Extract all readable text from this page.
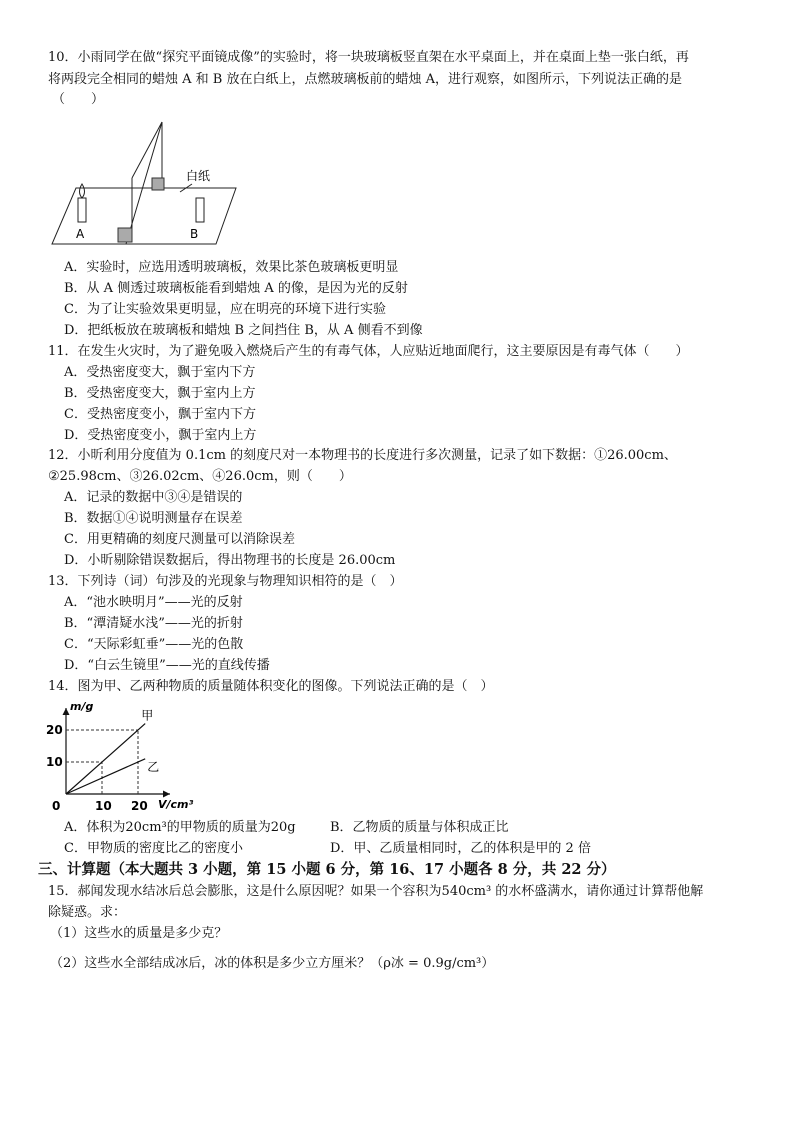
10．小雨同学在做“探究平面镜成像”的实验时，将一块玻璃板竖直架在水平桌面上，并在桌面上垫一张白纸，再
将两段完全相同的蜡烛 A 和 B 放在白纸上，点燃玻璃板前的蜡烛 A，进行观察，如图所示，下列说法正确的是
（　　）
白纸
A	B
A．实验时，应选用透明玻璃板，效果比茶色玻璃板更明显
B．从 A 侧透过玻璃板能看到蜡烛 A 的像，是因为光的反射
C．为了让实验效果更明显，应在明亮的环境下进行实验
D．把纸板放在玻璃板和蜡烛 B 之间挡住 B，从 A 侧看不到像
11．在发生火灾时，为了避免吸入燃烧后产生的有毒气体，人应贴近地面爬行，这主要原因是有毒气体（　　）
A．受热密度变大，飘于室内下方
B．受热密度变大，飘于室内上方
C．受热密度变小，飘于室内下方
D．受热密度变小，飘于室内上方
12．小昕利用分度值为 0.1cm 的刻度尺对一本物理书的长度进行多次测量，记录了如下数据：①26.00cm、
②25.98cm、③26.02cm、④26.0cm，则（　　）
A．记录的数据中③④是错误的
B．数据①④说明测量存在误差
C．用更精确的刻度尺测量可以消除误差
D．小昕剔除错误数据后，得出物理书的长度是 26.00cm
13．下列诗（词）句涉及的光现象与物理知识相符的是（　）
A．“池水映明月”——光的反射
B．“潭清疑水浅”——光的折射
C．“天际彩虹垂”——光的色散
D．“白云生镜里”——光的直线传播
14．图为甲、乙两种物质的质量随体积变化的图像。下列说法正确的是（　）
甲
乙
0	10 20
10
20
V/cm³
m/g
A．体积为20cm³的甲物质的质量为20g	B．乙物质的质量与体积成正比
C．甲物质的密度比乙的密度小	D．甲、乙质量相同时，乙的体积是甲的 2 倍
三、计算题（本大题共 3 小题，第 15 小题 6 分，第 16、17 小题各 8 分，共 22 分）
15．郝闻发现水结冰后总会膨胀，这是什么原因呢？如果一个容积为540cm³ 的水杯盛满水，请你通过计算帮他解
除疑惑。求：
（1）这些水的质量是多少克？
（2）这些水全部结成冰后，冰的体积是多少立方厘米？（ρ冰 = 0.9g/cm³）
